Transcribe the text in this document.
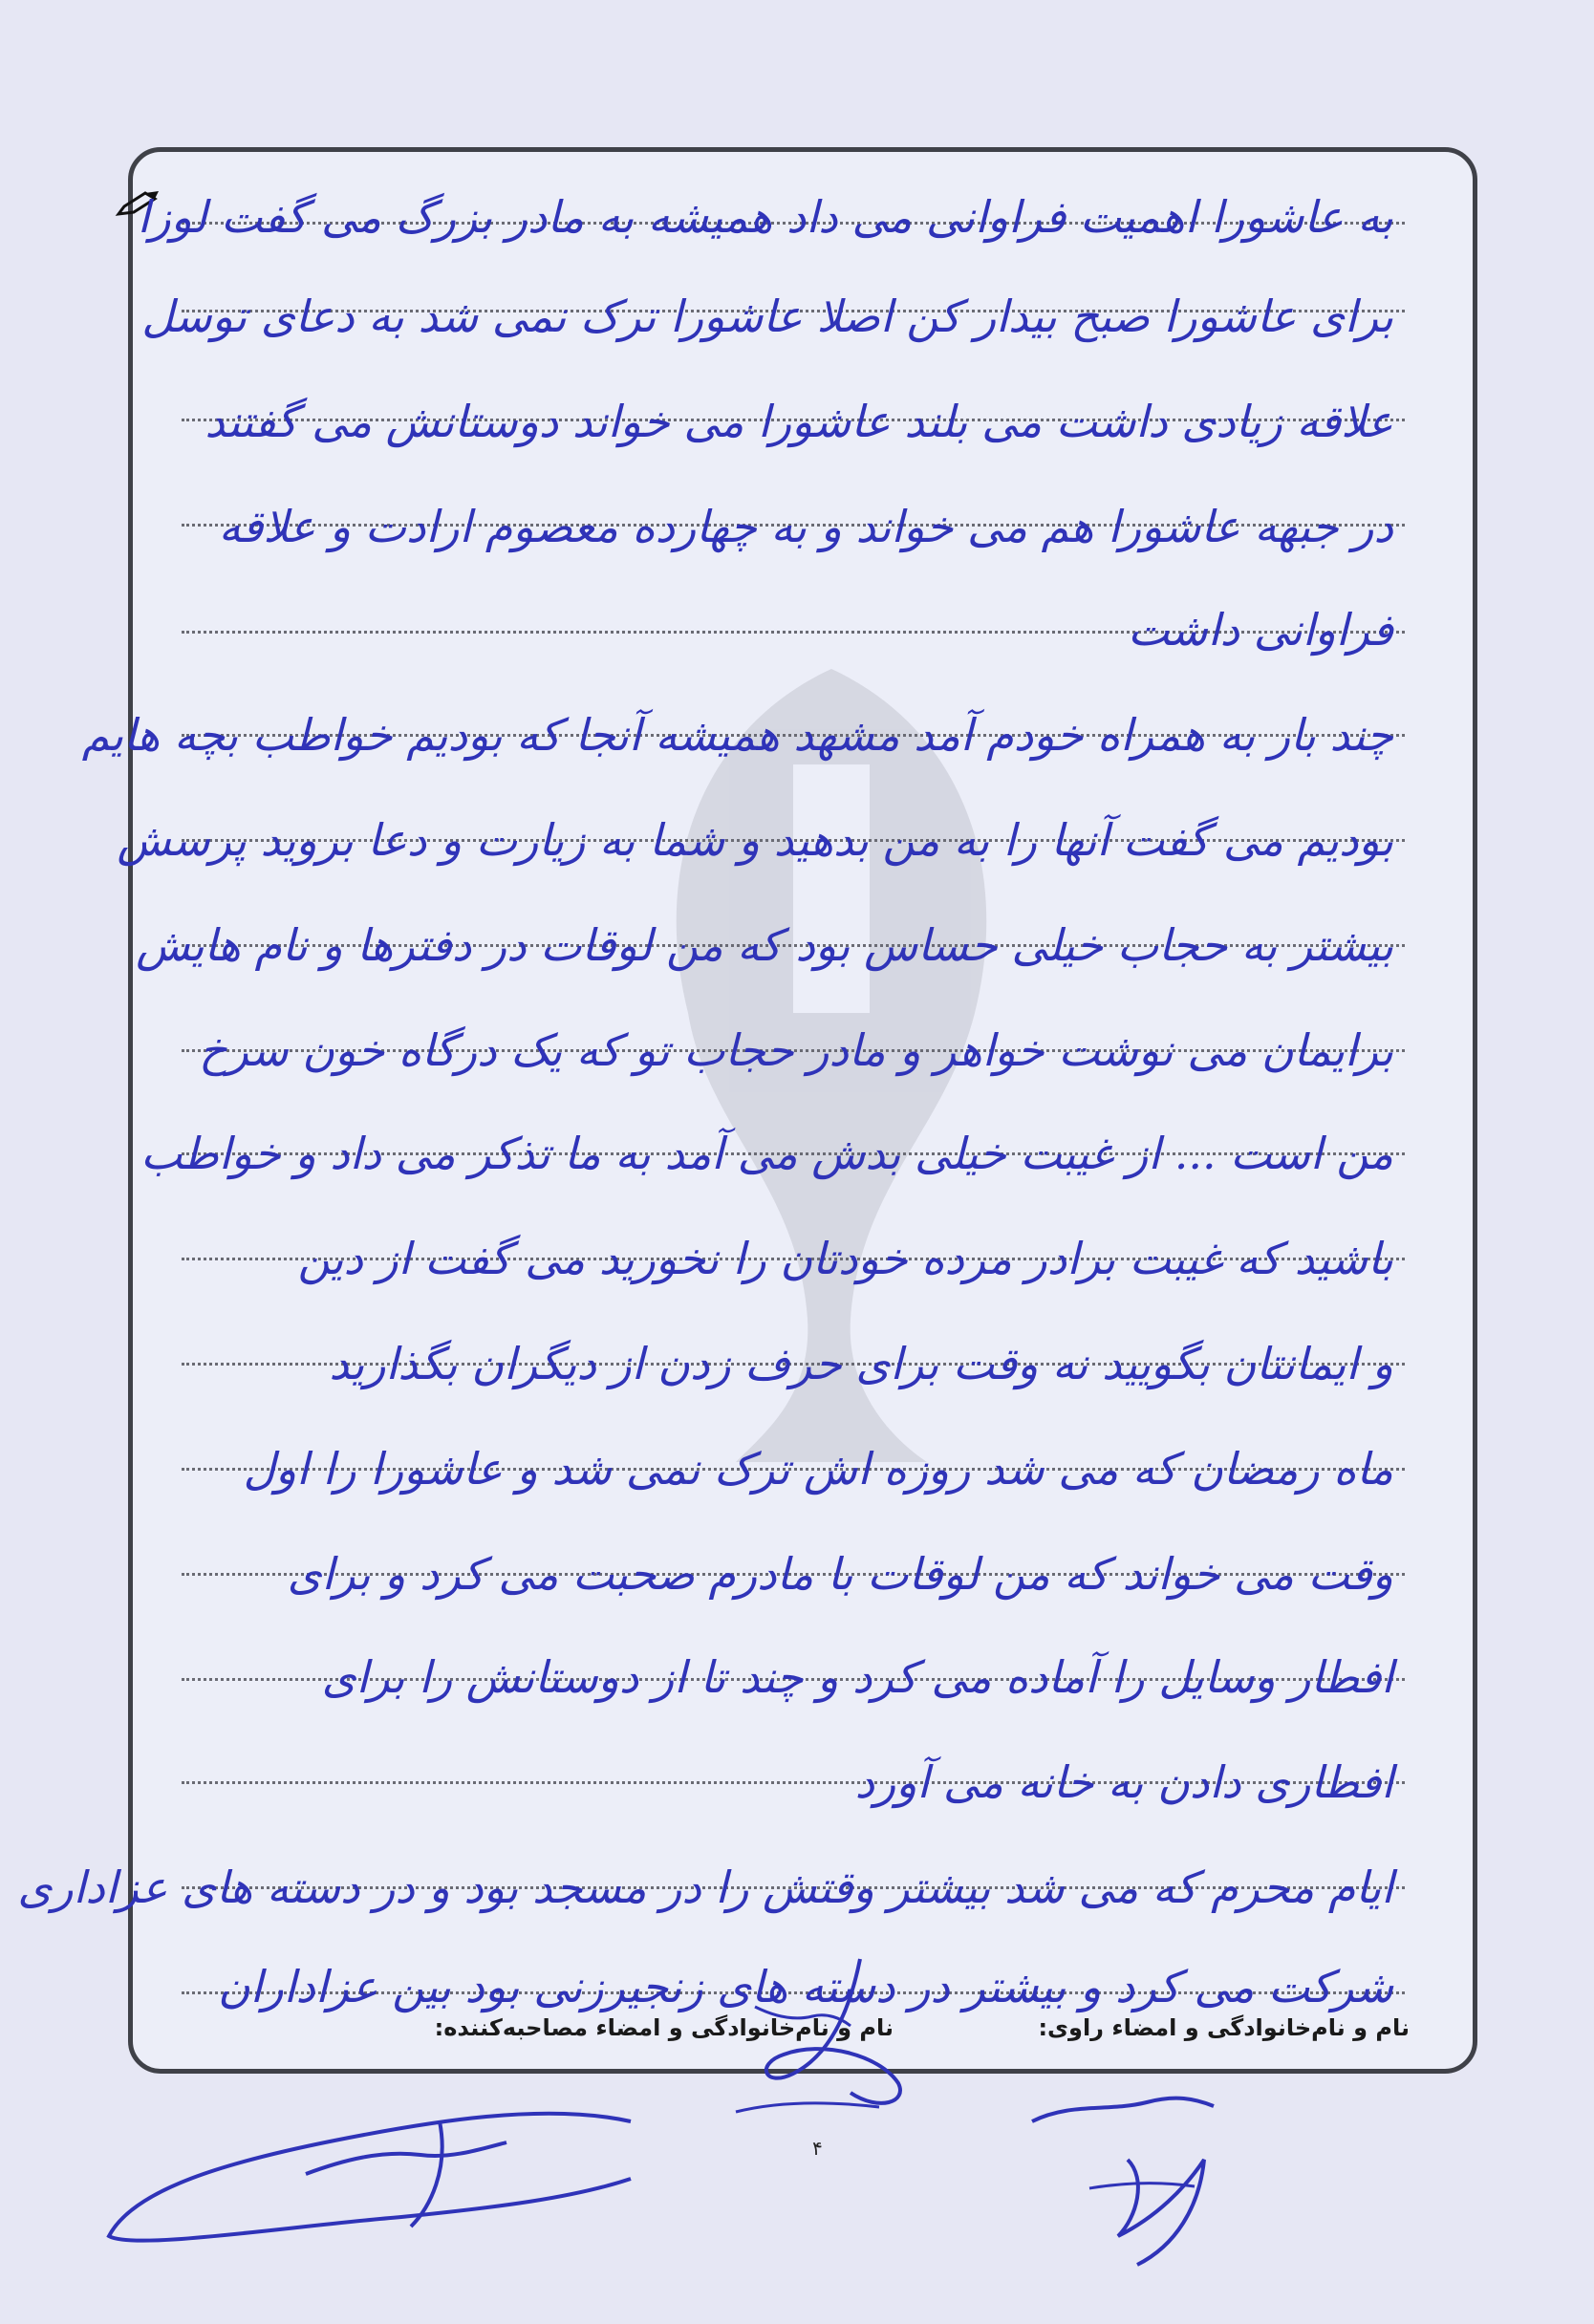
به عاشورا اهمیت فراوانی می داد همیشه به مادر بزرگ می گفت لوزا
برای عاشورا صبح بیدار کن اصلا عاشورا ترک نمی شد به دعای توسل
علاقه زیادی داشت می بلند عاشورا می خواند دوستانش می گفتند
در جبهه عاشورا هم می خواند و به چهارده معصوم ارادت و علاقه
فراوانی داشت
چند بار به همراه خودم آمد مشهد همیشه آنجا که بودیم خواطب بچه هایم
بودیم می گفت آنها را به من بدهید و شما به زیارت و دعا بروید پرسش
بیشتر به حجاب خیلی حساس بود که من لوقات در دفترها و نام هایش
برایمان می نوشت خواهر و مادر حجاب تو که یک درگاه خون سرخ
من است ... از غیبت خیلی بدش می آمد به ما تذکر می داد و خواطب
باشید که غیبت برادر مرده خودتان را نخورید می گفت از دین
و ایمانتان بگویید نه وقت برای حرف زدن از دیگران بگذارید
ماه رمضان که می شد روزه اش ترک نمی شد و عاشورا را اول
وقت می خواند که من لوقات با مادرم صحبت می کرد و برای
افطار وسایل را آماده می کرد و چند تا از دوستانش را برای
افطاری دادن به خانه می آورد
ایام محرم که می شد بیشتر وقتش را در مسجد بود و در دسته های عزاداری
شرکت می کرد و بیشتر در دسته های زنجیرزنی بود بین عزاداران
نام و نام‌خانوادگی و امضاء راوی:
نام و نام‌خانوادگی و امضاء مصاحبه‌کننده:
۴
